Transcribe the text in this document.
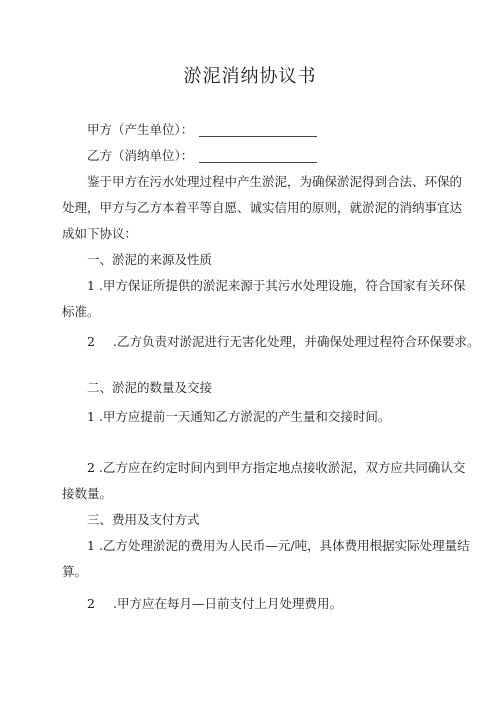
淤泥消纳协议书
甲方（产生单位）：
乙方（消纳单位）：
鉴于甲方在污水处理过程中产生淤泥，为确保淤泥得到合法、环保的
处理，甲方与乙方本着平等自愿、诚实信用的原则，就淤泥的消纳事宜达
成如下协议：
一、淤泥的来源及性质
1 .甲方保证所提供的淤泥来源于其污水处理设施，符合国家有关环保
标准。
2 .乙方负责对淤泥进行无害化处理，并确保处理过程符合环保要求。
二、淤泥的数量及交接
1 .甲方应提前一天通知乙方淤泥的产生量和交接时间。
2 .乙方应在约定时间内到甲方指定地点接收淤泥，双方应共同确认交
接数量。
三、费用及支付方式
1 .乙方处理淤泥的费用为人民币—元/吨，具体费用根据实际处理量结
算。
2 .甲方应在每月—日前支付上月处理费用。
